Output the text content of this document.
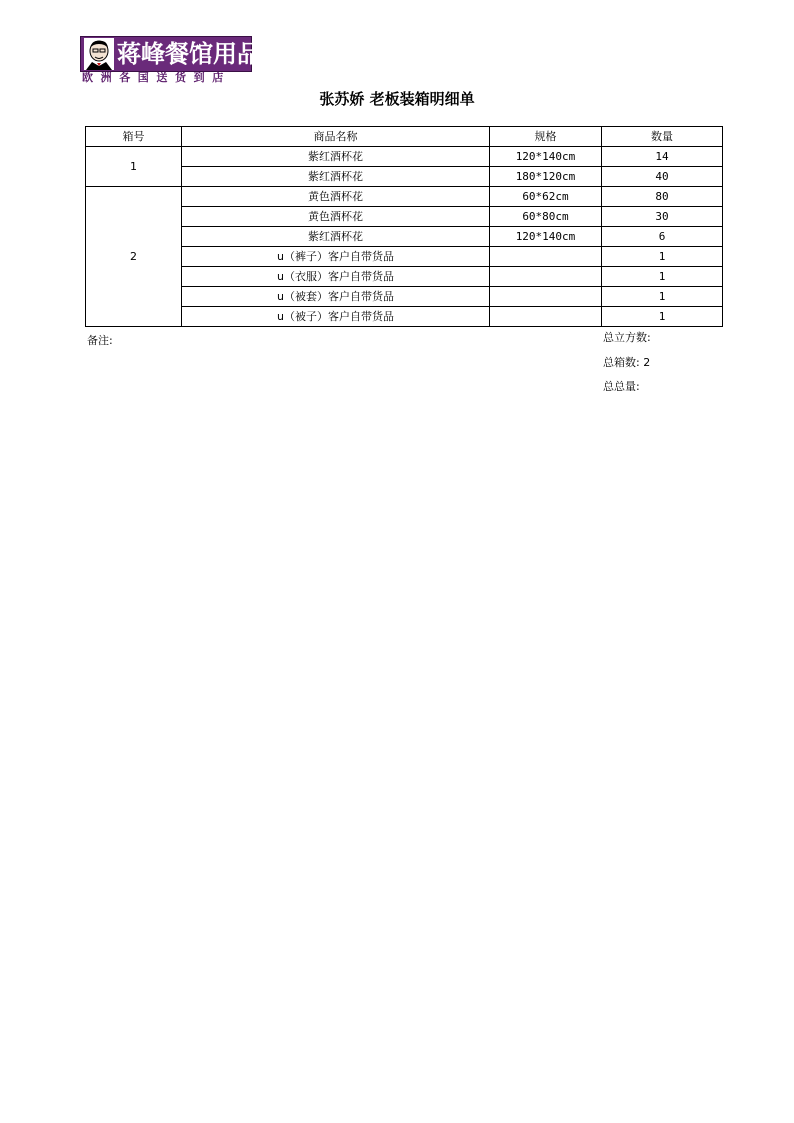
蒋峰餐馆用品
欧洲各国送货到店
张苏娇 老板装箱明细单
箱号	商品名称	规格	数量
1	紫红酒杯花	120*140cm	14
	紫红酒杯花	180*120cm	40
2	黄色酒杯花	60*62cm	80
	黄色酒杯花	60*80cm	30
	紫红酒杯花	120*140cm	6
	u（裤子）客户自带货品		1
	u（衣服）客户自带货品		1
	u（被套）客户自带货品		1
	u（被子）客户自带货品		1
备注:	总立方数:
总箱数: 2
总总量:
